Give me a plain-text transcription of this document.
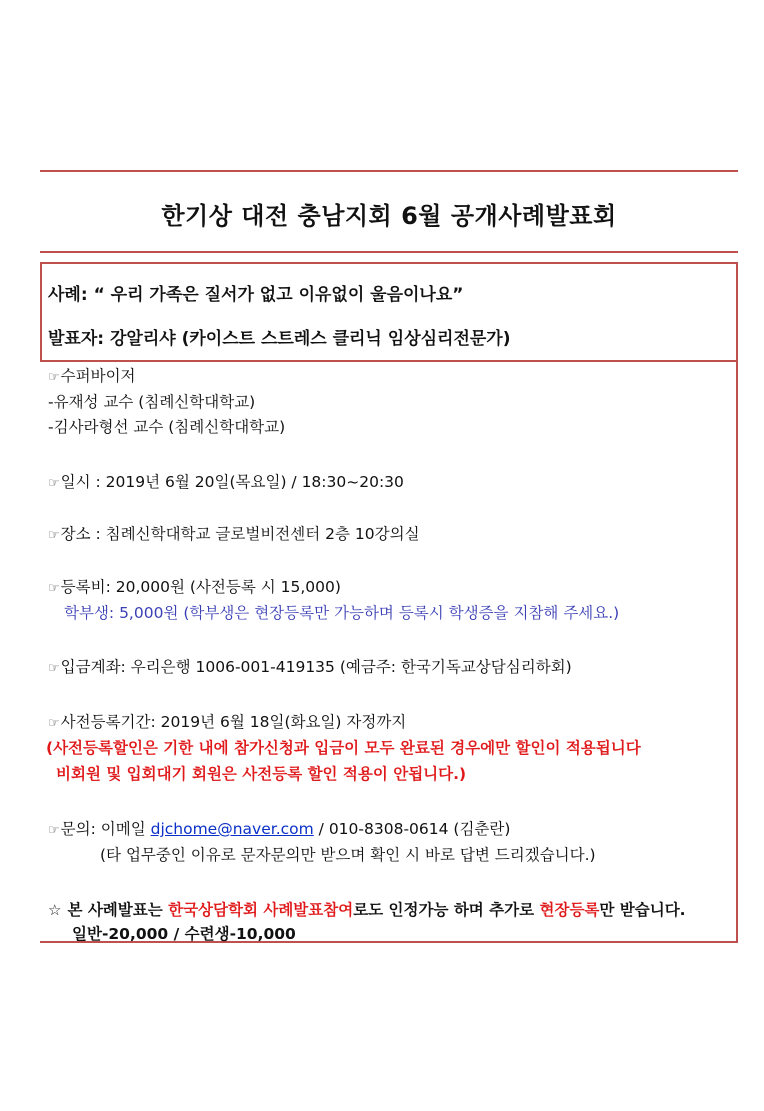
한기상 대전 충남지회 6월 공개사례발표회
사례: “ 우리 가족은 질서가 없고 이유없이 울음이나요”
발표자: 강알리샤 (카이스트 스트레스 클리닉 임상심리전문가)
☞수퍼바이저
-유재성 교수 (침례신학대학교)
-김사라형선 교수 (침례신학대학교)
☞일시 : 2019년 6월 20일(목요일) / 18:30~20:30
☞장소 : 침례신학대학교 글로벌비전센터 2층 10강의실
☞등록비: 20,000원 (사전등록 시 15,000)
학부생: 5,000원 (학부생은 현장등록만 가능하며 등록시 학생증을 지참해 주세요.)
☞입금계좌: 우리은행 1006-001-419135 (예금주: 한국기독교상담심리하회)
☞사전등록기간: 2019년 6월 18일(화요일) 자정까지
(사전등록할인은 기한 내에 참가신청과 입금이 모두 완료된 경우에만 할인이 적용됩니다
비회원 및 입회대기 회원은 사전등록 할인 적용이 안됩니다.)
☞문의: 이메일 djchome@naver.com / 010-8308-0614 (김춘란)
(타 업무중인 이유로 문자문의만 받으며 확인 시 바로 답변 드리겠습니다.)
☆ 본 사례발표는 한국상담학회 사례발표참여로도 인정가능 하며 추가로 현장등록만 받습니다.
일반-20,000 / 수련생-10,000
